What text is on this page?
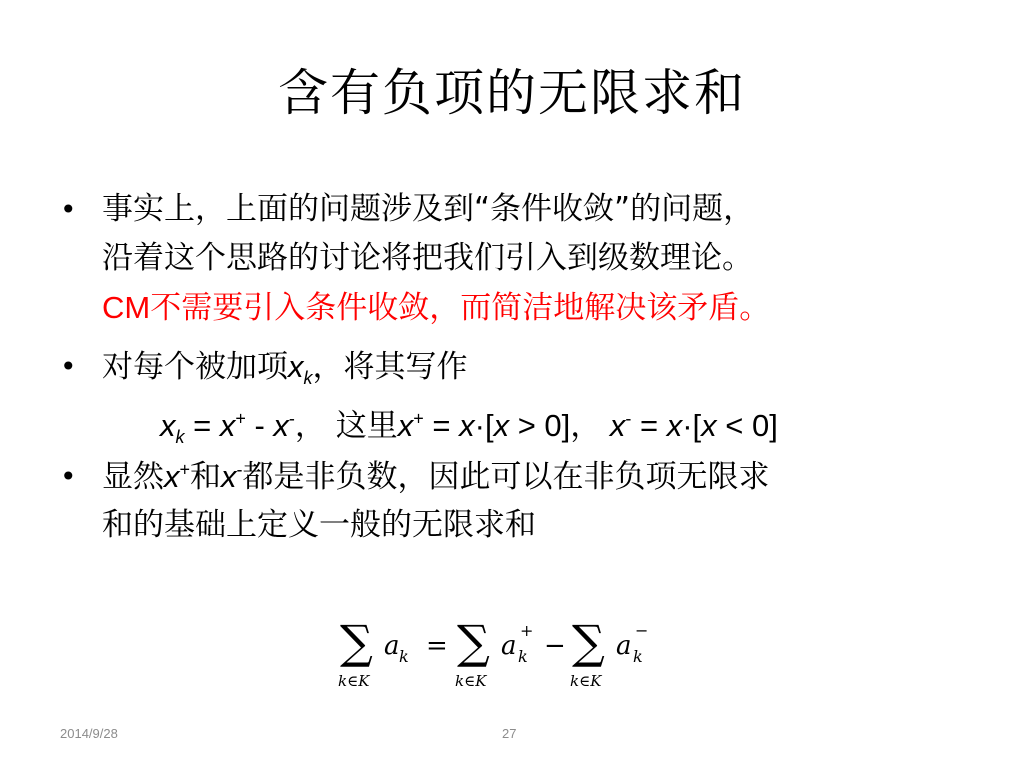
含有负项的无限求和
• 事实上，上面的问题涉及到“条件收敛”的问题，
沿着这个思路的讨论将把我们引入到级数理论。
CM不需要引入条件收敛，而简洁地解决该矛盾。
• 对每个被加项$x_k$，将其写作
$x_k = x^+ - x^-$， 这里x+ = x·[x > 0]， x- = x·[x < 0]
• 显然x+和x-都是非负数，因此可以在非负项无限求
和的基础上定义一般的无限求和
∑ a k
k∈K
= ∑ a
+
k
k∈K
− ∑ a
−
k
k∈K
2014/9/28	27
